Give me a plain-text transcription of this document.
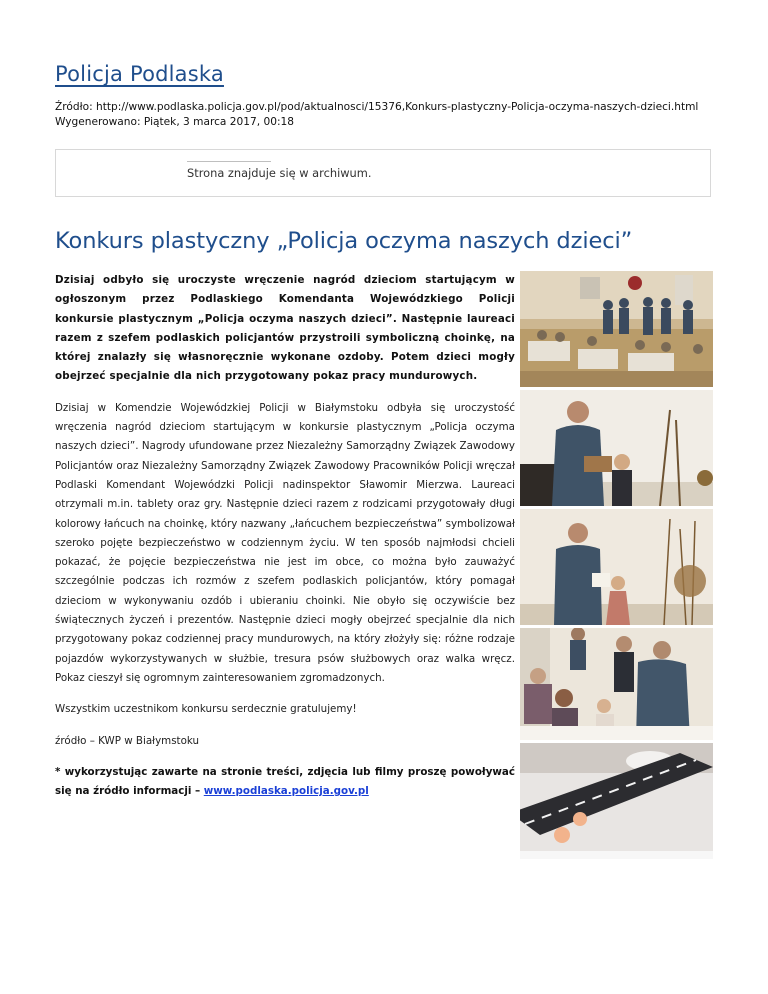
Policja Podlaska
Źródło: http://www.podlaska.policja.gov.pl/pod/aktualnosci/15376,Konkurs-plastyczny-Policja-oczyma-naszych-dzieci.html
Wygenerowano: Piątek, 3 marca 2017, 00:18
Strona znajduje się w archiwum.
Konkurs plastyczny „Policja oczyma naszych dzieci”

Dzisiaj odbyło się uroczyste wręczenie nagród dzieciom startującym w ogłoszonym przez Podlaskiego Komendanta Wojewódzkiego Policji konkursie plastycznym „Policja oczyma naszych dzieci”. Następnie laureaci razem z szefem podlaskich policjantów przystroili symboliczną choinkę, na której znalazły się własnoręcznie wykonane ozdoby. Potem dzieci mogły obejrzeć specjalnie dla nich przygotowany pokaz pracy mundurowych.

Dzisiaj w Komendzie Wojewódzkiej Policji w Białymstoku odbyła się uroczystość wręczenia nagród dzieciom startującym w konkursie plastycznym „Policja oczyma naszych dzieci”. Nagrody ufundowane przez Niezależny Samorządny Związek Zawodowy Policjantów oraz Niezależny Samorządny Związek Zawodowy Pracowników Policji wręczał Podlaski Komendant Wojewódzki Policji nadinspektor Sławomir Mierzwa. Laureaci otrzymali m.in. tablety oraz gry. Następnie dzieci razem z rodzicami przygotowały długi kolorowy łańcuch na choinkę, który nazwany „łańcuchem bezpieczeństwa” symbolizował szeroko pojęte bezpieczeństwo w codziennym życiu. W ten sposób najmłodsi chcieli pokazać, że pojęcie bezpieczeństwa nie jest im obce, co można było zauważyć szczególnie podczas ich rozmów z szefem podlaskich policjantów, który pomagał dzieciom w wykonywaniu ozdób i ubieraniu choinki. Nie obyło się oczywiście bez świątecznych życzeń i prezentów. Następnie dzieci mogły obejrzeć specjalnie dla nich przygotowany pokaz codziennej pracy mundurowych, na który złożyły się: różne rodzaje pojazdów wykorzystywanych w służbie, tresura psów służbowych oraz walka wręcz. Pokaz cieszył się ogromnym zainteresowaniem zgromadzonych.

Wszystkim uczestnikom konkursu serdecznie gratulujemy!

źródło – KWP w Białymstoku

* wykorzystując zawarte na stronie treści, zdjęcia lub filmy proszę powoływać się na źródło informacji – www.podlaska.policja.gov.pl
